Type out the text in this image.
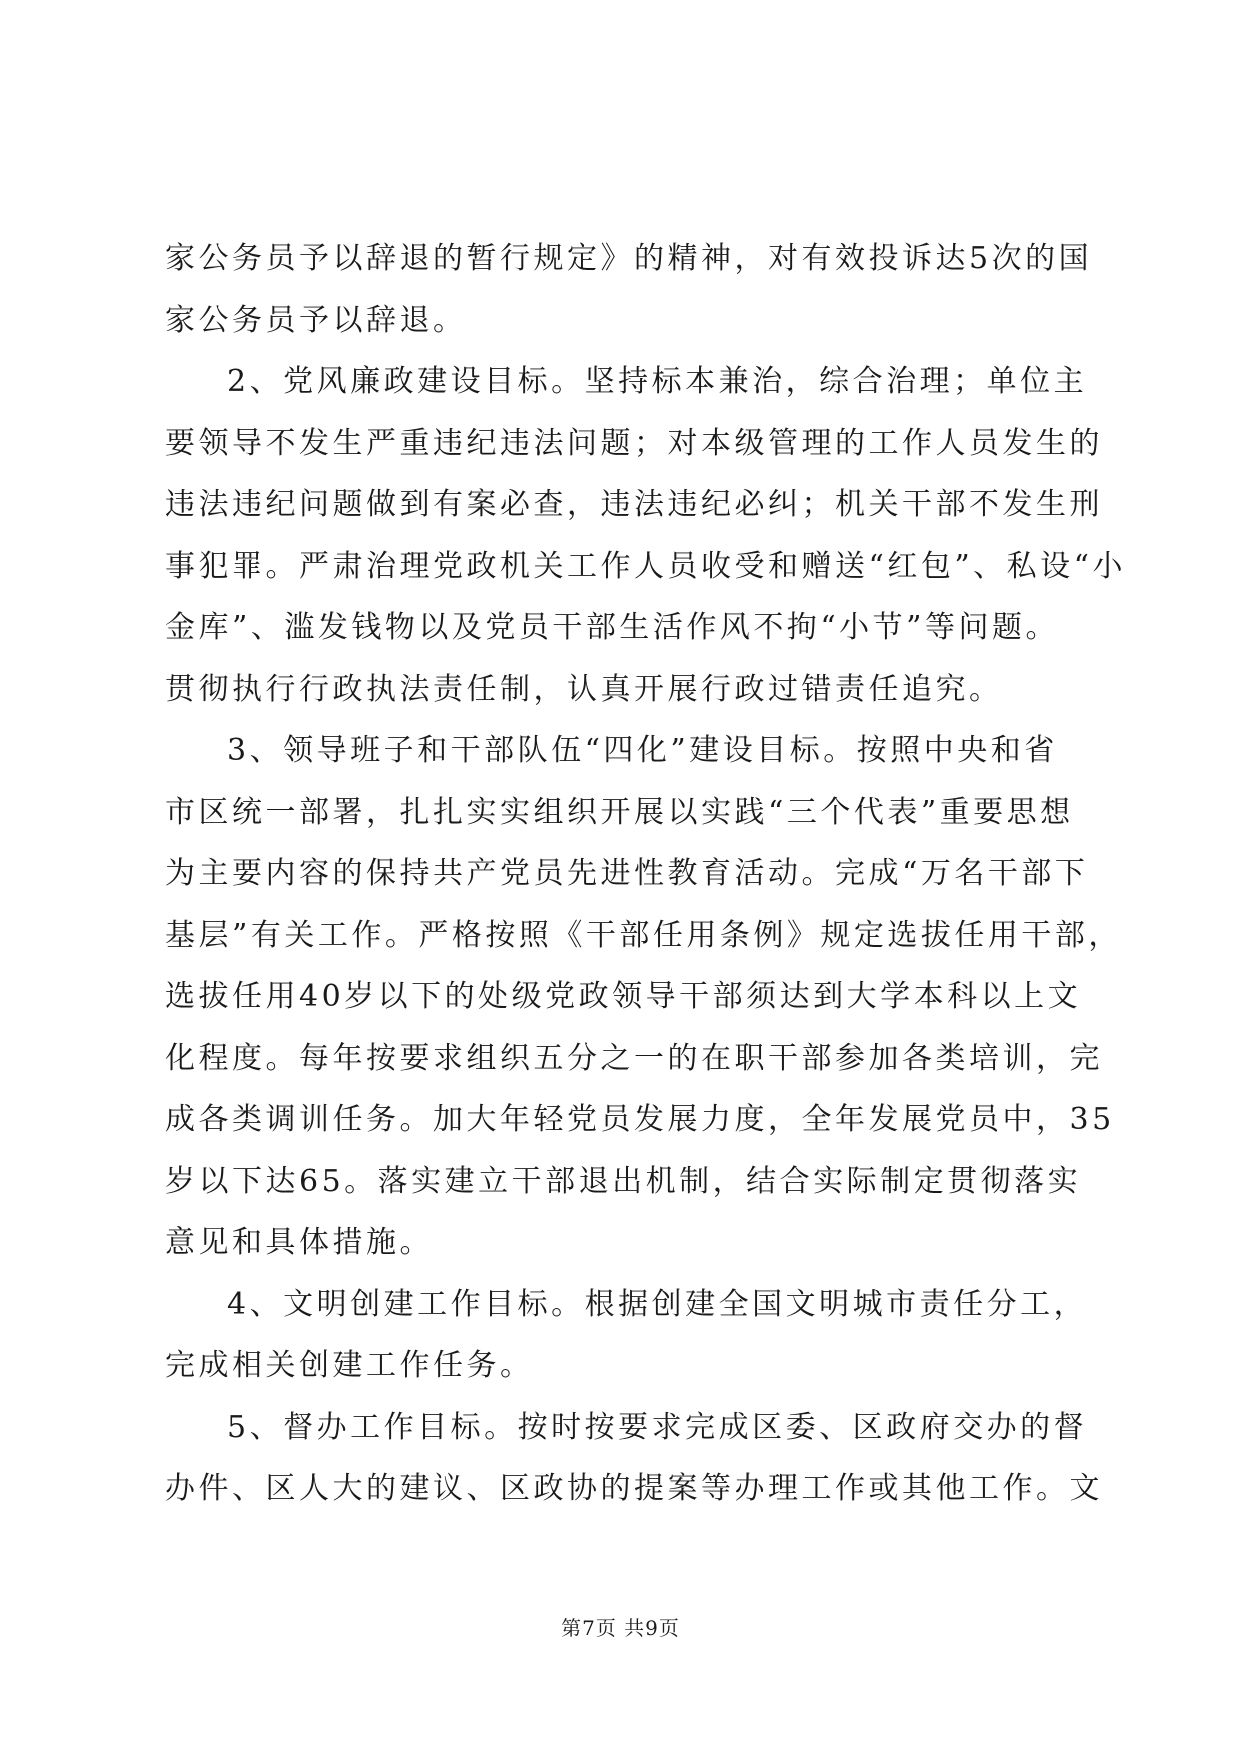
家公务员予以辞退的暂行规定》的精神，对有效投诉达5次的国
家公务员予以辞退。
2、党风廉政建设目标。坚持标本兼治，综合治理；单位主
要领导不发生严重违纪违法问题；对本级管理的工作人员发生的
违法违纪问题做到有案必查，违法违纪必纠；机关干部不发生刑
事犯罪。严肃治理党政机关工作人员收受和赠送“红包”、私设“小
金库”、滥发钱物以及党员干部生活作风不拘“小节”等问题。
贯彻执行行政执法责任制，认真开展行政过错责任追究。
3、领导班子和干部队伍“四化”建设目标。按照中央和省
市区统一部署，扎扎实实组织开展以实践“三个代表”重要思想
为主要内容的保持共产党员先进性教育活动。完成“万名干部下
基层”有关工作。严格按照《干部任用条例》规定选拔任用干部，
选拔任用40岁以下的处级党政领导干部须达到大学本科以上文
化程度。每年按要求组织五分之一的在职干部参加各类培训，完
成各类调训任务。加大年轻党员发展力度，全年发展党员中，35
岁以下达65。落实建立干部退出机制，结合实际制定贯彻落实
意见和具体措施。
4、文明创建工作目标。根据创建全国文明城市责任分工，
完成相关创建工作任务。
5、督办工作目标。按时按要求完成区委、区政府交办的督
办件、区人大的建议、区政协的提案等办理工作或其他工作。文
第7页 共9页
